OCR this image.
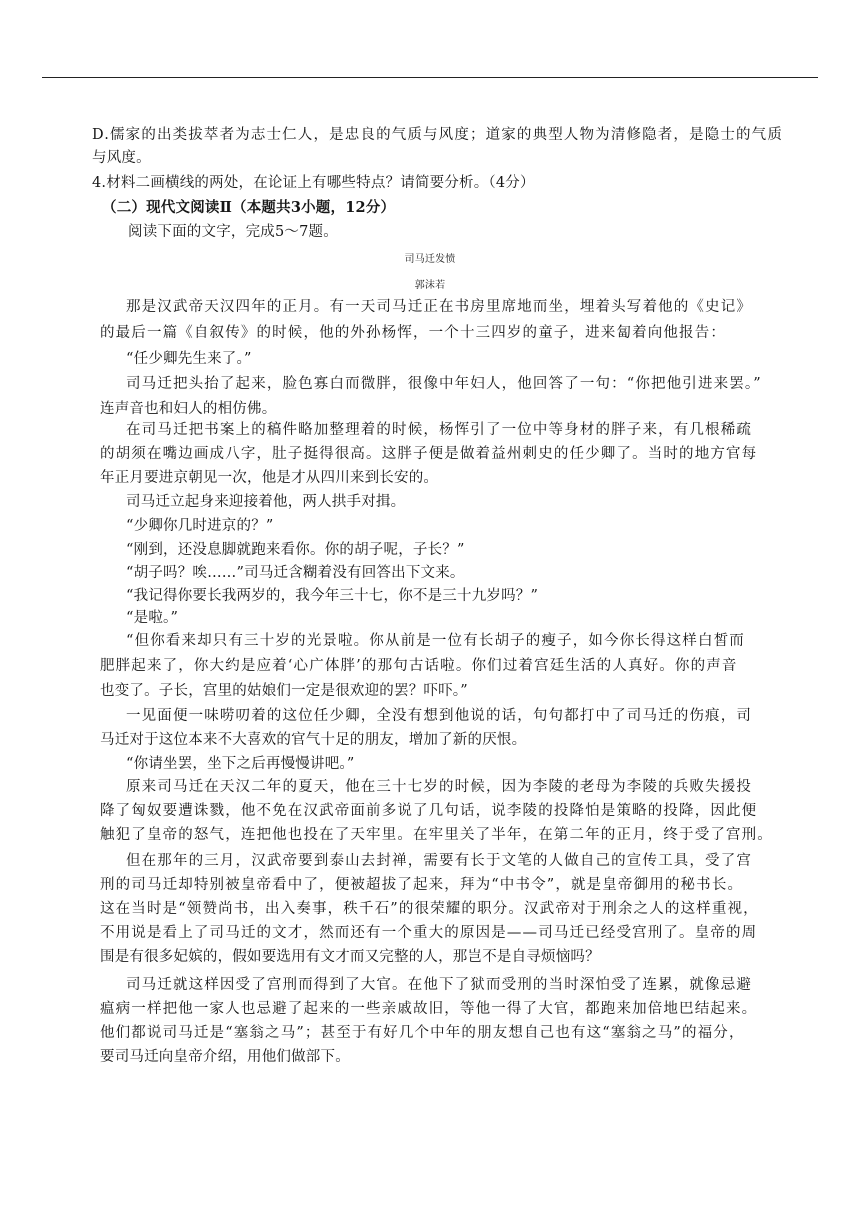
D.儒家的出类拔萃者为志士仁人，是忠良的气质与风度；道家的典型人物为清修隐者，是隐士的气质
与风度。
4.材料二画横线的两处，在论证上有哪些特点？请简要分析。（4分）
（二）现代文阅读Ⅱ（本题共3小题，12分）
阅读下面的文字，完成5～7题。
司马迁发愤
郭沫若
那是汉武帝天汉四年的正月。有一天司马迁正在书房里席地而坐，埋着头写着他的《史记》
的最后一篇《自叙传》的时候，他的外孙杨恽，一个十三四岁的童子，进来匐着向他报告：
“任少卿先生来了。”
司马迁把头抬了起来，脸色寡白而微胖，很像中年妇人，他回答了一句：“你把他引进来罢。”
连声音也和妇人的相仿佛。
在司马迁把书案上的稿件略加整理着的时候，杨恽引了一位中等身材的胖子来，有几根稀疏
的胡须在嘴边画成八字，肚子挺得很高。这胖子便是做着益州刺史的任少卿了。当时的地方官每
年正月要进京朝见一次，他是才从四川来到长安的。
司马迁立起身来迎接着他，两人拱手对揖。
“少卿你几时进京的？”
“刚到，还没息脚就跑来看你。你的胡子呢，子长？”
“胡子吗？唉……”司马迁含糊着没有回答出下文来。
“我记得你要长我两岁的，我今年三十七，你不是三十九岁吗？”
“是啦。”
“但你看来却只有三十岁的光景啦。你从前是一位有长胡子的瘦子，如今你长得这样白皙而
肥胖起来了，你大约是应着‘心广体胖’的那句古话啦。你们过着宫廷生活的人真好。你的声音
也变了。子长，宫里的姑娘们一定是很欢迎的罢？吓吓。”
一见面便一味唠叨着的这位任少卿，全没有想到他说的话，句句都打中了司马迁的伤痕，司
马迁对于这位本来不大喜欢的官气十足的朋友，增加了新的厌恨。
“你请坐罢，坐下之后再慢慢讲吧。”
原来司马迁在天汉二年的夏天，他在三十七岁的时候，因为李陵的老母为李陵的兵败失援投
降了匈奴要遭诛戮，他不免在汉武帝面前多说了几句话，说李陵的投降怕是策略的投降，因此便
触犯了皇帝的怒气，连把他也投在了天牢里。在牢里关了半年，在第二年的正月，终于受了宫刑。
但在那年的三月，汉武帝要到泰山去封禅，需要有长于文笔的人做自己的宣传工具，受了宫
刑的司马迁却特别被皇帝看中了，便被超拔了起来，拜为“中书令”，就是皇帝御用的秘书长。
这在当时是“领赞尚书，出入奏事，秩千石”的很荣耀的职分。汉武帝对于刑余之人的这样重视，
不用说是看上了司马迁的文才，然而还有一个重大的原因是——司马迁已经受宫刑了。皇帝的周
围是有很多妃嫔的，假如要选用有文才而又完整的人，那岂不是自寻烦恼吗？
司马迁就这样因受了宫刑而得到了大官。在他下了狱而受刑的当时深怕受了连累，就像忌避
瘟病一样把他一家人也忌避了起来的一些亲戚故旧，等他一得了大官，都跑来加倍地巴结起来。
他们都说司马迁是“塞翁之马”；甚至于有好几个中年的朋友想自己也有这“塞翁之马”的福分，
要司马迁向皇帝介绍，用他们做部下。
